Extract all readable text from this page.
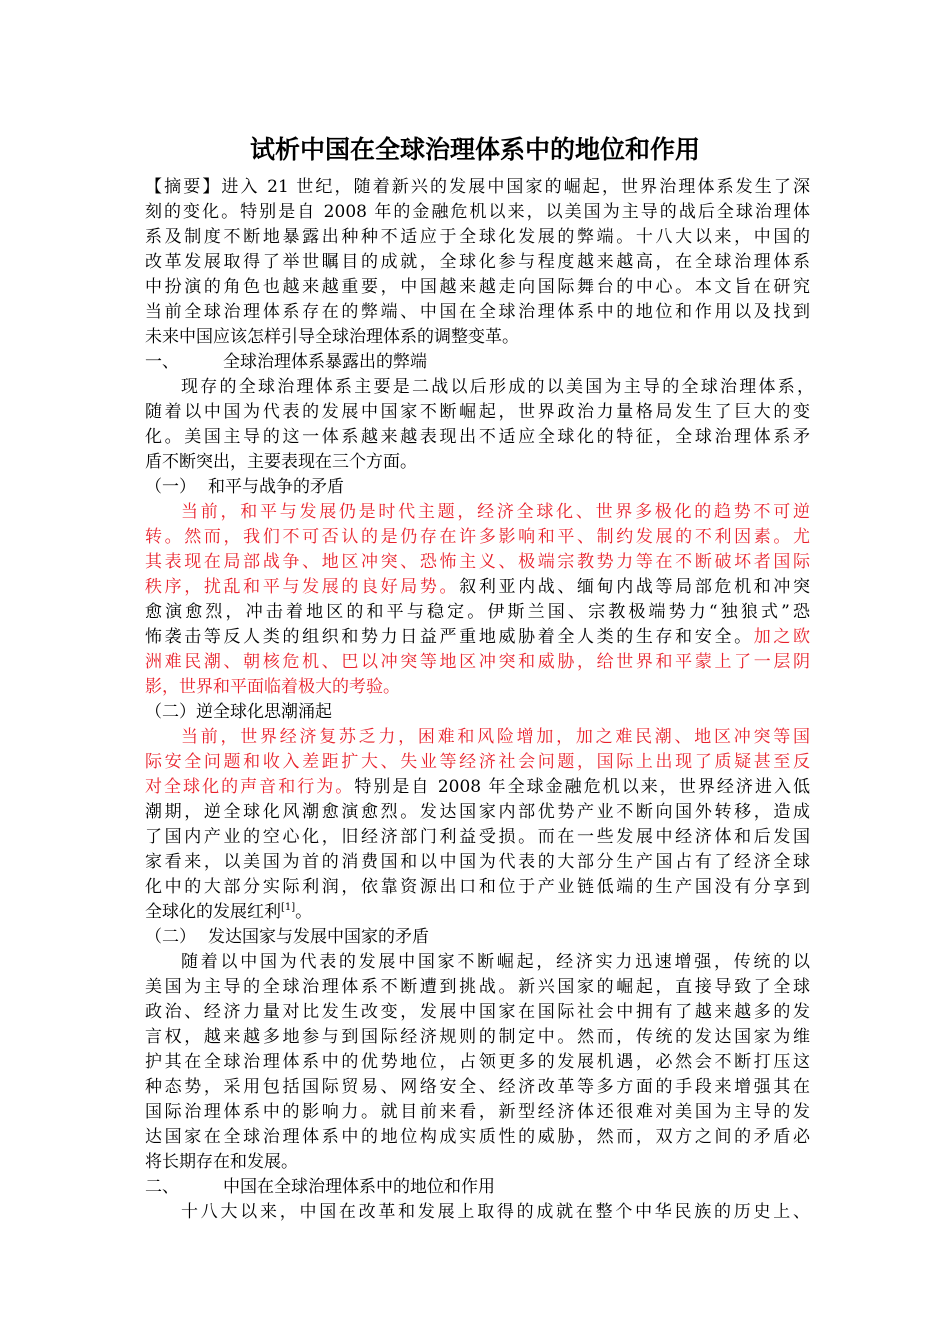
试析中国在全球治理体系中的地位和作用
【摘要】进入 21 世纪，随着新兴的发展中国家的崛起，世界治理体系发生了深
刻的变化。特别是自 2008 年的金融危机以来，以美国为主导的战后全球治理体
系及制度不断地暴露出种种不适应于全球化发展的弊端。十八大以来，中国的
改革发展取得了举世瞩目的成就，全球化参与程度越来越高，在全球治理体系
中扮演的角色也越来越重要，中国越来越走向国际舞台的中心。本文旨在研究
当前全球治理体系存在的弊端、中国在全球治理体系中的地位和作用以及找到
未来中国应该怎样引导全球治理体系的调整变革。
一、	全球治理体系暴露出的弊端
现存的全球治理体系主要是二战以后形成的以美国为主导的全球治理体系，
随着以中国为代表的发展中国家不断崛起，世界政治力量格局发生了巨大的变
化。美国主导的这一体系越来越表现出不适应全球化的特征，全球治理体系矛
盾不断突出，主要表现在三个方面。
（一） 和平与战争的矛盾
当前，和平与发展仍是时代主题，经济全球化、世界多极化的趋势不可逆
转。然而，我们不可否认的是仍存在许多影响和平、制约发展的不利因素。尤
其表现在局部战争、地区冲突、恐怖主义、极端宗教势力等在不断破坏者国际
秩序，扰乱和平与发展的良好局势。叙利亚内战、缅甸内战等局部危机和冲突
愈演愈烈，冲击着地区的和平与稳定。伊斯兰国、宗教极端势力“独狼式”恐
怖袭击等反人类的组织和势力日益严重地威胁着全人类的生存和安全。加之欧
洲难民潮、朝核危机、巴以冲突等地区冲突和威胁，给世界和平蒙上了一层阴
影，世界和平面临着极大的考验。
（二）逆全球化思潮涌起
当前，世界经济复苏乏力，困难和风险增加，加之难民潮、地区冲突等国
际安全问题和收入差距扩大、失业等经济社会问题，国际上出现了质疑甚至反
对全球化的声音和行为。特别是自 2008 年全球金融危机以来，世界经济进入低
潮期，逆全球化风潮愈演愈烈。发达国家内部优势产业不断向国外转移，造成
了国内产业的空心化，旧经济部门利益受损。而在一些发展中经济体和后发国
家看来，以美国为首的消费国和以中国为代表的大部分生产国占有了经济全球
化中的大部分实际利润，依靠资源出口和位于产业链低端的生产国没有分享到
全球化的发展红利[1]。
（二） 发达国家与发展中国家的矛盾
随着以中国为代表的发展中国家不断崛起，经济实力迅速增强，传统的以
美国为主导的全球治理体系不断遭到挑战。新兴国家的崛起，直接导致了全球
政治、经济力量对比发生改变，发展中国家在国际社会中拥有了越来越多的发
言权，越来越多地参与到国际经济规则的制定中。然而，传统的发达国家为维
护其在全球治理体系中的优势地位，占领更多的发展机遇，必然会不断打压这
种态势，采用包括国际贸易、网络安全、经济改革等多方面的手段来增强其在
国际治理体系中的影响力。就目前来看，新型经济体还很难对美国为主导的发
达国家在全球治理体系中的地位构成实质性的威胁，然而，双方之间的矛盾必
将长期存在和发展。
二、	中国在全球治理体系中的地位和作用
十八大以来，中国在改革和发展上取得的成就在整个中华民族的历史上、
